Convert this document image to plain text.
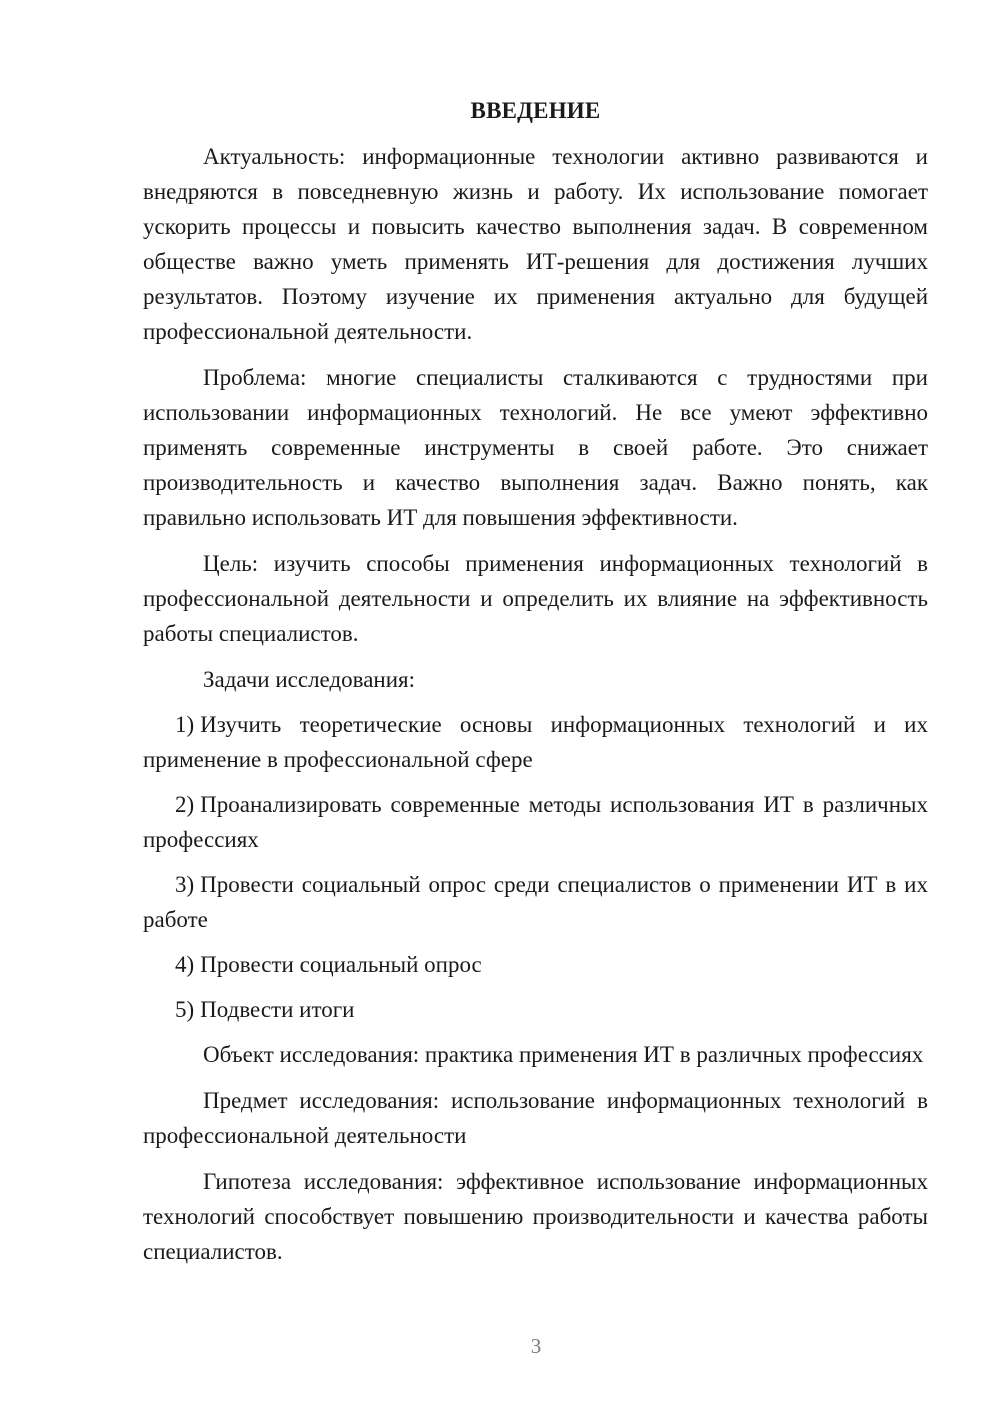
ВВЕДЕНИЕ

Актуальность: информационные технологии активно развиваются и внедряются в повседневную жизнь и работу. Их использование помогает ускорить процессы и повысить качество выполнения задач. В современном обществе важно уметь применять ИТ-решения для достижения лучших результатов. Поэтому изучение их применения актуально для будущей профессиональной деятельности.

Проблема: многие специалисты сталкиваются с трудностями при использовании информационных технологий. Не все умеют эффективно применять современные инструменты в своей работе. Это снижает производительность и качество выполнения задач. Важно понять, как правильно использовать ИТ для повышения эффективности.

Цель: изучить способы применения информационных технологий в профессиональной деятельности и определить их влияние на эффективность работы специалистов.

Задачи исследования:

1) Изучить теоретические основы информационных технологий и их применение в профессиональной сфере

2) Проанализировать современные методы использования ИТ в различных профессиях

3) Провести социальный опрос среди специалистов о применении ИТ в их работе

4) Провести социальный опрос

5) Подвести итоги

Объект исследования: практика применения ИТ в различных профессиях

Предмет исследования: использование информационных технологий в профессиональной деятельности

Гипотеза исследования: эффективное использование информационных технологий способствует повышению производительности и качества работы специалистов.

3
